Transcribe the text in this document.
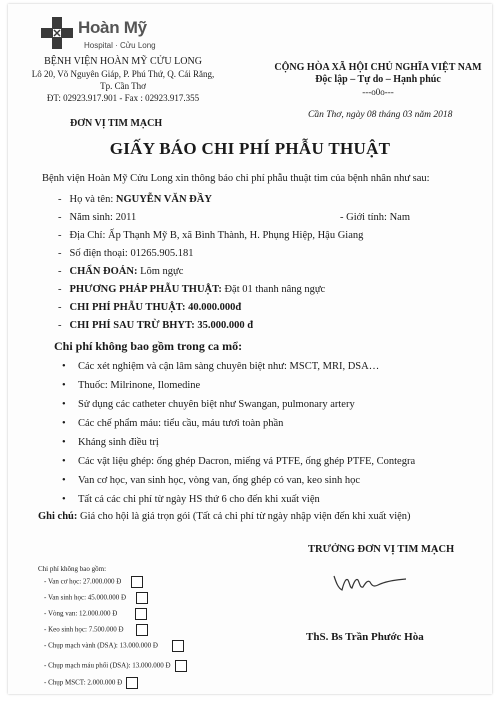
Hoàn Mỹ
Hospital · Cửu Long
BỆNH VIỆN HOÀN MỸ CỬU LONG
Lô 20, Võ Nguyên Giáp, P. Phú Thứ, Q. Cái Răng,
Tp. Cần Thơ
ĐT: 02923.917.901 - Fax : 02923.917.355
CỘNG HÒA XÃ HỘI CHỦ NGHĨA VIỆT NAM
Độc lập – Tự do – Hạnh phúc
---o0o---
Cần Thơ, ngày 08 tháng 03 năm 2018
ĐƠN VỊ TIM MẠCH
GIẤY BÁO CHI PHÍ PHẪU THUẬT
Bệnh viện Hoàn Mỹ Cửu Long xin thông báo chi phí phẫu thuật tim của bệnh nhân như sau:
- Họ và tên: NGUYỄN VĂN ĐẦY
- Năm sinh: 2011	- Giới tính: Nam
- Địa Chỉ: Ấp Thạnh Mỹ B, xã Bình Thành, H. Phụng Hiệp, Hậu Giang
- Số điện thoại: 01265.905.181
- CHẨN ĐOÁN: Lõm ngực
- PHƯƠNG PHÁP PHẪU THUẬT: Đặt 01 thanh nâng ngực
- CHI PHÍ PHẪU THUẬT: 40.000.000đ
- CHI PHÍ SAU TRỪ BHYT: 35.000.000 đ
Chi phí không bao gồm trong ca mổ:
• Các xét nghiệm và cận lâm sàng chuyên biệt như: MSCT, MRI, DSA…
• Thuốc: Milrinone, Ilomedine
• Sử dụng các catheter chuyên biệt như Swangan, pulmonary artery
• Các chế phẩm máu: tiểu cầu, máu tươi toàn phần
• Kháng sinh điều trị
• Các vật liệu ghép: ống ghép Dacron, miếng vá PTFE, ống ghép PTFE, Contegra
• Van cơ học, van sinh học, vòng van, ống ghép có van, keo sinh học
• Tất cả các chi phí từ ngày HS thứ 6 cho đến khi xuất viện
Ghi chú: Giá cho hội là giá trọn gói (Tất cả chi phí từ ngày nhập viện đến khi xuất viện)
TRƯỞNG ĐƠN VỊ TIM MẠCH
ThS. Bs Trần Phước Hòa
Chi phí không bao gồm:
- Van cơ học: 27.000.000 Đ
- Van sinh học: 45.000.000 Đ
- Vòng van: 12.000.000 Đ
- Keo sinh học: 7.500.000 Đ
- Chụp mạch vành (DSA): 13.000.000 Đ
- Chụp mạch máu phổi (DSA): 13.000.000 Đ
- Chụp MSCT: 2.000.000 Đ
